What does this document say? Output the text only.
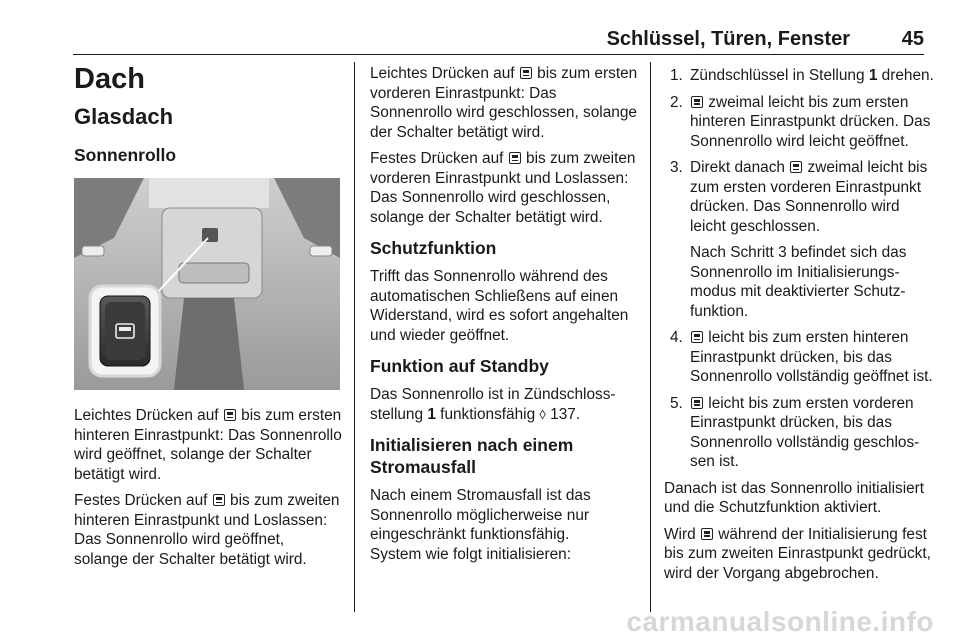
Schlüssel, Türen, Fenster	45
Dach
Glasdach
Sonnenrollo

Leichtes Drücken auf  bis zum ersten hinteren Einrastpunkt: Das Sonnenrollo wird geöffnet, solange der Schalter betätigt wird.

Festes Drücken auf  bis zum zweiten hinteren Einrastpunkt und Loslassen: Das Sonnenrollo wird geöffnet, solange der Schalter betätigt wird.

Leichtes Drücken auf  bis zum ersten vorderen Einrastpunkt: Das Sonnenrollo wird geschlossen, solange der Schalter betätigt wird.

Festes Drücken auf  bis zum zweiten vorderen Einrastpunkt und Loslassen: Das Sonnenrollo wird geschlossen, solange der Schalter betätigt wird.

Schutzfunktion

Trifft das Sonnenrollo während des automatischen Schließens auf einen Widerstand, wird es sofort angehalten und wieder geöffnet.

Funktion auf Standby

Das Sonnenrollo ist in Zündschlossstellung 1 funktionsfähig ◊ 137.

Initialisieren nach einem Stromausfall

Nach einem Stromausfall ist das Sonnenrollo möglicherweise nur eingeschränkt funktionsfähig.

System wie folgt initialisieren:

1. Zündschlüssel in Stellung 1 drehen.
2. zweimal leicht bis zum ersten hinteren Einrastpunkt drücken. Das Sonnenrollo wird leicht geöffnet.
3. Direkt danach  zweimal leicht bis zum ersten vorderen Einrastpunkt drücken. Das Sonnenrollo wird leicht geschlossen.
Nach Schritt 3 befindet sich das Sonnenrollo im Initialisierungsmodus mit deaktivierter Schutzfunktion.
4. leicht bis zum ersten hinteren Einrastpunkt drücken, bis das Sonnenrollo vollständig geöffnet ist.
5. leicht bis zum ersten vorderen Einrastpunkt drücken, bis das Sonnenrollo vollständig geschlossen ist.

Danach ist das Sonnenrollo initialisiert und die Schutzfunktion aktiviert.

Wird  während der Initialisierung fest bis zum zweiten Einrastpunkt gedrückt, wird der Vorgang abgebrochen.

carmanualsonline.info
